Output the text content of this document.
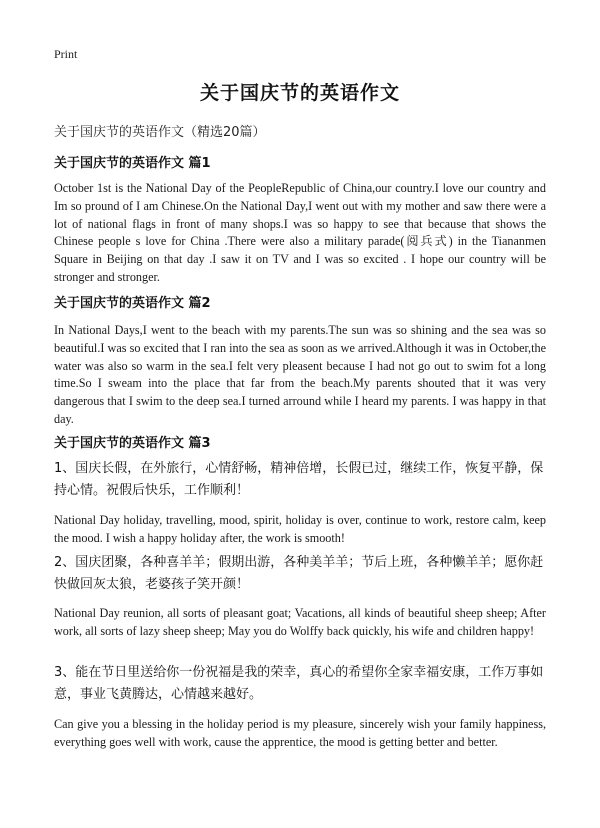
Print
关于国庆节的英语作文
关于国庆节的英语作文（精选20篇）
关于国庆节的英语作文 篇1
October 1st is the National Day of the PeopleRepublic of China,our country.I love our country and Im so pround of I am Chinese.On the National Day,I went out with my mother and saw there were a lot of national flags in front of many shops.I was so happy to see that because that shows the Chinese people s love for China .There were also a military parade(阅兵式) in the Tiananmen Square in Beijing on that day .I saw it on TV and I was so excited . I hope our country will be stronger and stronger.
关于国庆节的英语作文 篇2
In National Days,I went to the beach with my parents.The sun was so shining and the sea was so beautiful.I was so excited that I ran into the sea as soon as we arrived.Although it was in October,the water was also so warm in the sea.I felt very pleasent because I had not go out to swim fot a long time.So I sweam into the place that far from the beach.My parents shouted that it was very dangerous that I swim to the deep sea.I turned arround while I heard my parents. I was happy in that day.
关于国庆节的英语作文 篇3
1、国庆长假，在外旅行，心情舒畅，精神倍增，长假已过，继续工作，恢复平静，保持心情。祝假后快乐，工作顺利！
National Day holiday, travelling, mood, spirit, holiday is over, continue to work, restore calm, keep the mood. I wish a happy holiday after, the work is smooth!
2、国庆团聚，各种喜羊羊；假期出游，各种美羊羊；节后上班，各种懒羊羊；愿你赶快做回灰太狼，老婆孩子笑开颜！
National Day reunion, all sorts of pleasant goat; Vacations, all kinds of beautiful sheep sheep; After work, all sorts of lazy sheep sheep; May you do Wolffy back quickly, his wife and children happy!
3、能在节日里送给你一份祝福是我的荣幸，真心的希望你全家幸福安康，工作万事如意，事业飞黄腾达，心情越来越好。
Can give you a blessing in the holiday period is my pleasure, sincerely wish your family happiness, everything goes well with work, cause the apprentice, the mood is getting better and better.
